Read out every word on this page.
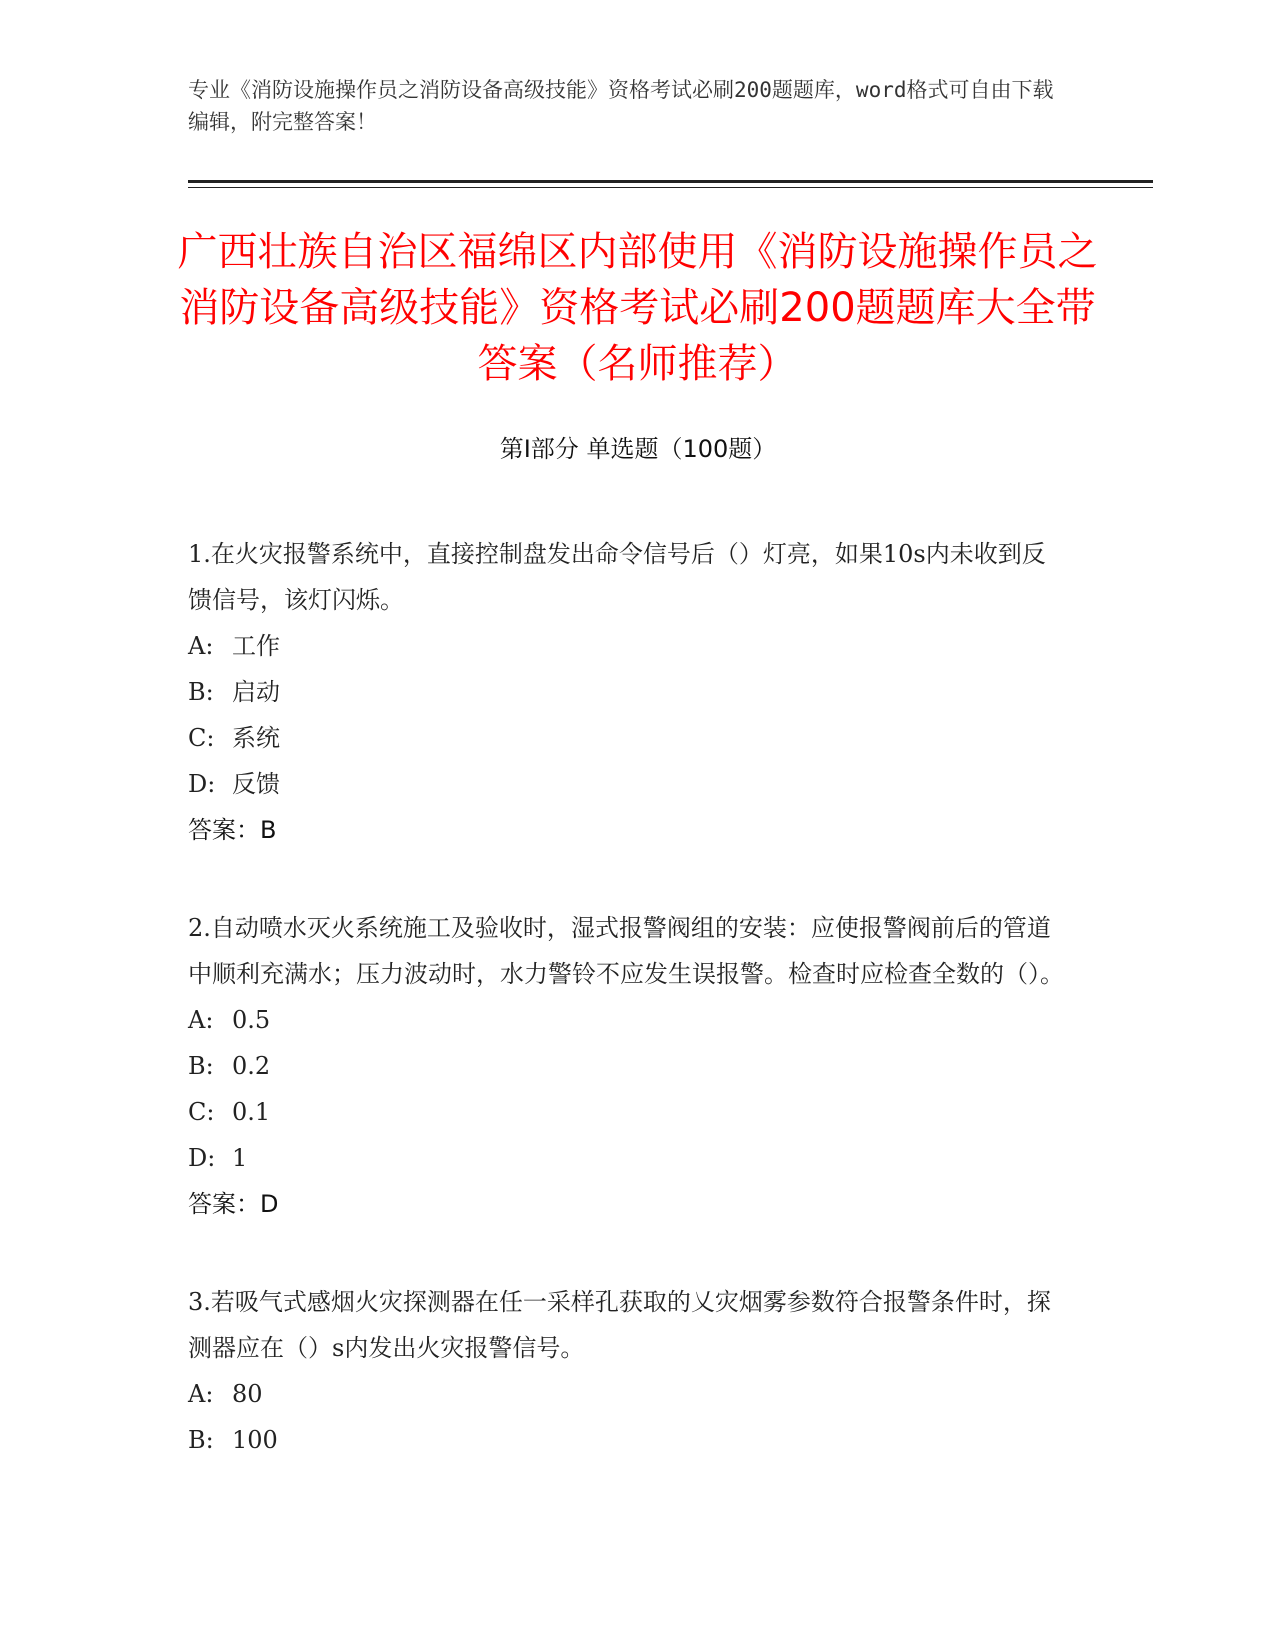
专业《消防设施操作员之消防设备高级技能》资格考试必刷200题题库，word格式可自由下载编辑，附完整答案！
广西壮族自治区福绵区内部使用《消防设施操作员之消防设备高级技能》资格考试必刷200题题库大全带答案（名师推荐）
第Ⅰ部分 单选题（100题）
1.在火灾报警系统中，直接控制盘发出命令信号后（）灯亮，如果10s内未收到反馈信号，该灯闪烁。
A: 工作
B: 启动
C: 系统
D: 反馈
答案：B
2.自动喷水灭火系统施工及验收时，湿式报警阀组的安装：应使报警阀前后的管道中顺利充满水；压力波动时，水力警铃不应发生误报警。检查时应检查全数的（）。
A: 0.5
B: 0.2
C: 0.1
D: 1
答案：D
3.若吸气式感烟火灾探测器在任一采样孔获取的乂灾烟雾参数符合报警条件时，探测器应在（）s内发出火灾报警信号。
A: 80
B: 100
